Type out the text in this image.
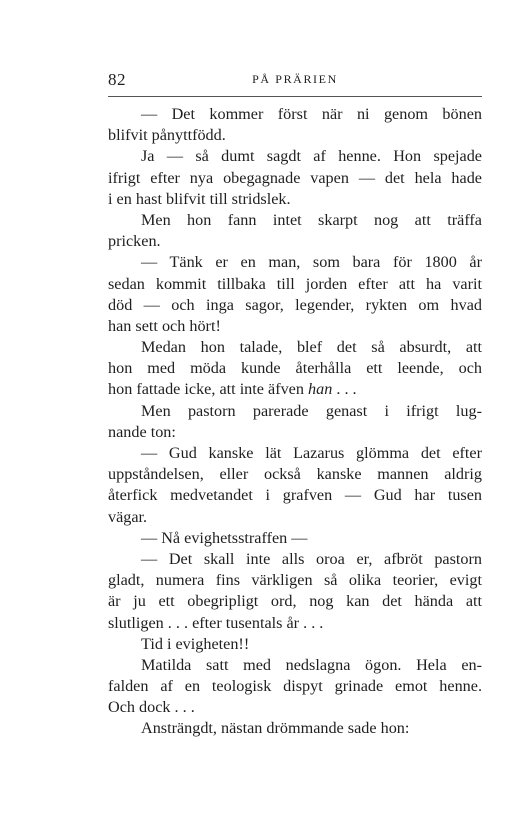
82	PÅ PRÄRIEN
— Det kommer först när ni genom bönen
blifvit pånyttfödd.
Ja — så dumt sagdt af henne. Hon spejade
ifrigt efter nya obegagnade vapen — det hela hade
i en hast blifvit till stridslek.
Men hon fann intet skarpt nog att träffa
pricken.
— Tänk er en man, som bara för 1800 år
sedan kommit tillbaka till jorden efter att ha varit
död — och inga sagor, legender, rykten om hvad
han sett och hört!
Medan hon talade, blef det så absurdt, att
hon med möda kunde återhålla ett leende, och
hon fattade icke, att inte äfven han . . .
Men pastorn parerade genast i ifrigt lug-
nande ton:
— Gud kanske lät Lazarus glömma det efter
uppståndelsen, eller också kanske mannen aldrig
återfick medvetandet i grafven — Gud har tusen
vägar.
— Nå evighetsstraffen —
— Det skall inte alls oroa er, afbröt pastorn
gladt, numera fins värkligen så olika teorier, evigt
är ju ett obegripligt ord, nog kan det hända att
slutligen . . . efter tusentals år . . .
Tid i evigheten!!
Matilda satt med nedslagna ögon. Hela en-
falden af en teologisk dispyt grinade emot henne.
Och dock . . .
Ansträngdt, nästan drömmande sade hon:
